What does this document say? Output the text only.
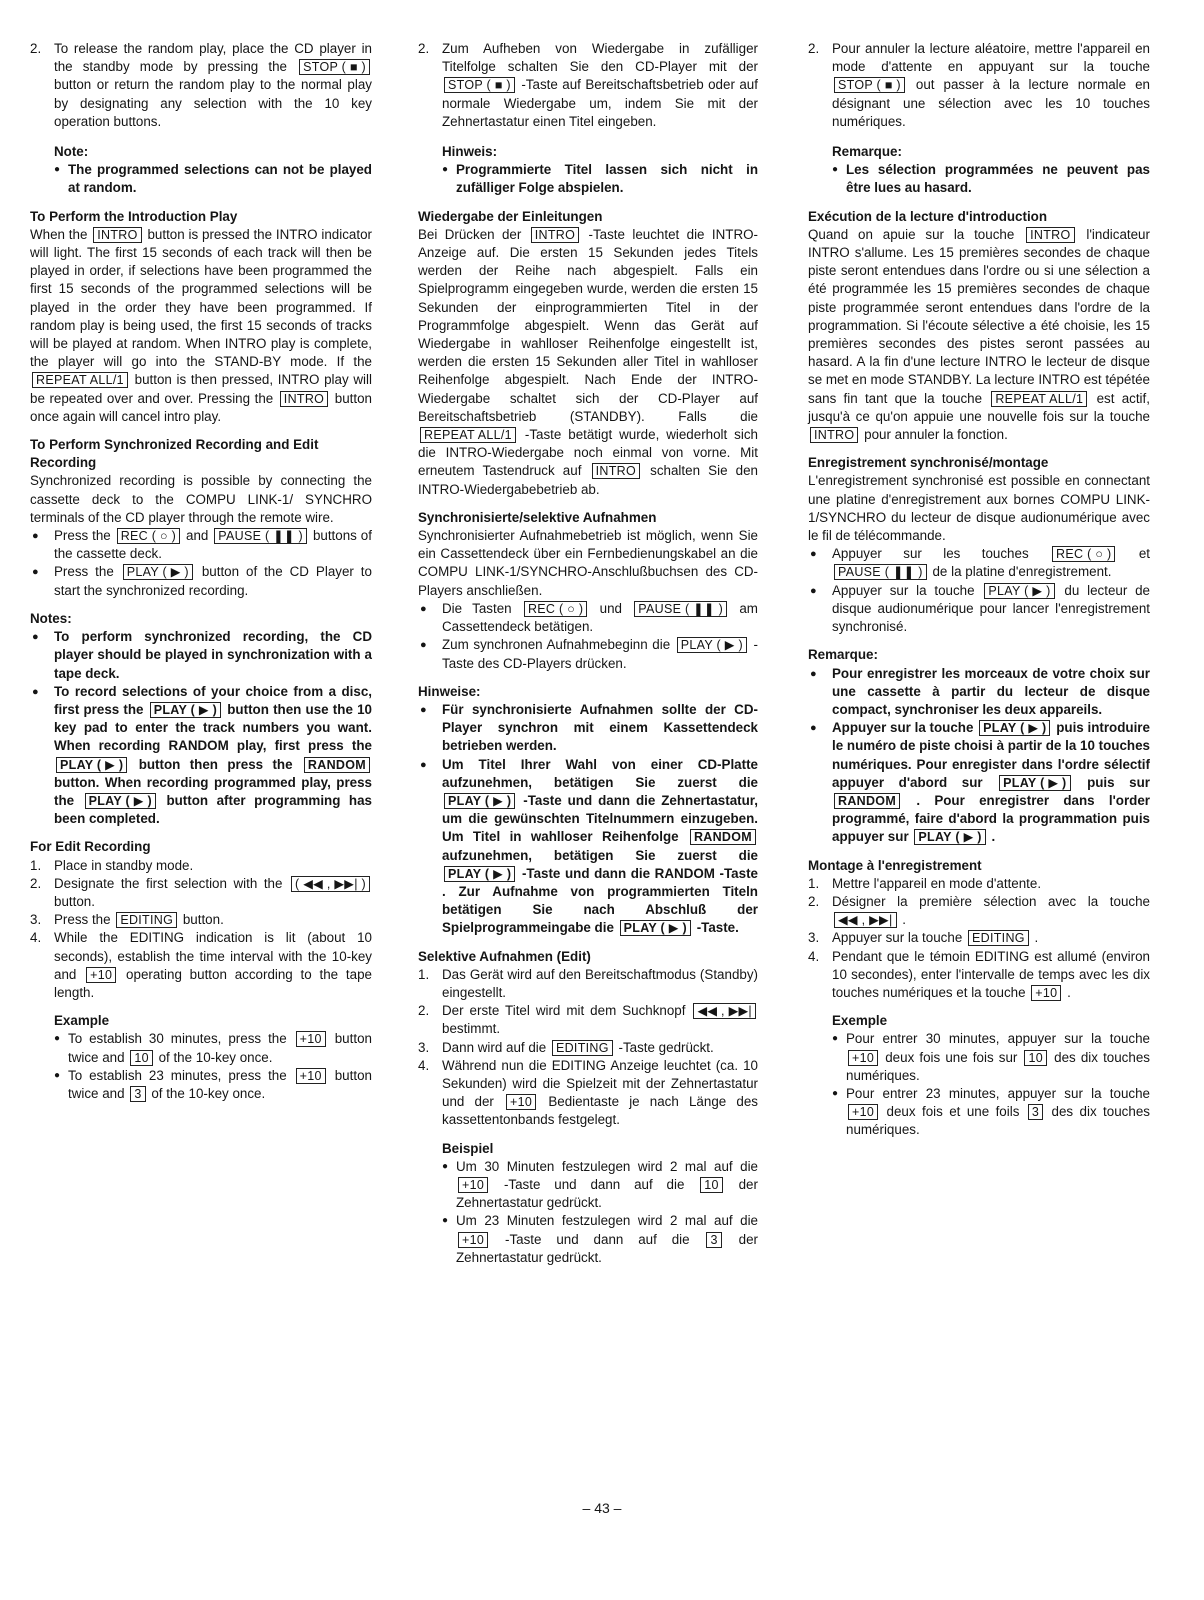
2. To release the random play, place the CD player in the standby mode by pressing the STOP ( ■ ) button or return the random play to the normal play by designating any selection with the 10 key operation buttons.
Note:
● The programmed selections can not be played at random.
To Perform the Introduction Play

When the INTRO button is pressed the INTRO indicator will light. The first 15 seconds of each track will then be played in order, if selections have been programmed the first 15 seconds of the programmed selections will be played in the order they have been programmed. If random play is being used, the first 15 seconds of tracks will be played at random. When INTRO play is complete, the player will go into the STAND-BY mode. If the REPEAT ALL/1 button is then pressed, INTRO play will be repeated over and over. Pressing the INTRO button once again will cancel intro play.

To Perform Synchronized Recording and Edit Recording

Synchronized recording is possible by connecting the cassette deck to the COMPU LINK-1/ SYNCHRO terminals of the CD player through the remote wire.

● Press the REC ( ○ ) and PAUSE ( ❚❚ ) buttons of the cassette deck.
● Press the PLAY ( ▶ ) button of the CD Player to start the synchronized recording.
Notes:
● To perform synchronized recording, the CD player should be played in synchronization with a tape deck.
● To record selections of your choice from a disc, first press the PLAY ( ▶ ) button then use the 10 key pad to enter the track numbers you want. When recording RANDOM play, first press the PLAY ( ▶ ) button then press the RANDOM button. When recording programmed play, press the PLAY ( ▶ ) button after programming has been completed.
For Edit Recording
1. Place in standby mode.
2. Designate the first selection with the ( ◀◀ , ▶▶| ) button.
3. Press the EDITING button.
4. While the EDITING indication is lit (about 10 seconds), establish the time interval with the 10-key and +10 operating button according to the tape length.
Example
● To establish 30 minutes, press the +10 button twice and 10 of the 10-key once.
● To establish 23 minutes, press the +10 button twice and 3 of the 10-key once.
2. Zum Aufheben von Wiedergabe in zufälliger Titelfolge schalten Sie den CD-Player mit der STOP ( ■ ) -Taste auf Bereitschaftsbetrieb oder auf normale Wiedergabe um, indem Sie mit der Zehnertastatur einen Titel eingeben.
Hinweis:
● Programmierte Titel lassen sich nicht in zufälliger Folge abspielen.
Wiedergabe der Einleitungen

Bei Drücken der INTRO -Taste leuchtet die INTRO-Anzeige auf. Die ersten 15 Sekunden jedes Titels werden der Reihe nach abgespielt. Falls ein Spielprogramm eingegeben wurde, werden die ersten 15 Sekunden der einprogrammierten Titel in der Programmfolge abgespielt. Wenn das Gerät auf Wiedergabe in wahlloser Reihenfolge eingestellt ist, werden die ersten 15 Sekunden aller Titel in wahlloser Reihenfolge abgespielt. Nach Ende der INTRO-Wiedergabe schaltet sich der CD-Player auf Bereitschaftsbetrieb (STANDBY). Falls die REPEAT ALL/1 -Taste betätigt wurde, wiederholt sich die INTRO-Wiedergabe noch einmal von vorne. Mit erneutem Tastendruck auf INTRO schalten Sie den INTRO-Wiedergabebetrieb ab.

Synchronisierte/selektive Aufnahmen

Synchronisierter Aufnahmebetrieb ist möglich, wenn Sie ein Cassettendeck über ein Fernbedienungskabel an die COMPU LINK-1/SYNCHRO-Anschlußbuchsen des CD-Players anschließen.

● Die Tasten REC ( ○ ) und PAUSE ( ❚❚ ) am Cassettendeck betätigen.
● Zum synchronen Aufnahmebeginn die PLAY ( ▶ ) -Taste des CD-Players drücken.
Hinweise:
● Für synchronisierte Aufnahmen sollte der CD-Player synchron mit einem Kassettendeck betrieben werden.
● Um Titel Ihrer Wahl von einer CD-Platte aufzunehmen, betätigen Sie zuerst die PLAY ( ▶ ) -Taste und dann die Zehnertastatur, um die gewünschten Titelnummern einzugeben. Um Titel in wahlloser Reihenfolge RANDOM aufzunehmen, betätigen Sie zuerst die PLAY ( ▶ ) -Taste und dann die RANDOM -Taste . Zur Aufnahme von programmierten Titeln betätigen Sie nach Abschluß der Spielprogrammeingabe die PLAY ( ▶ ) -Taste.
Selektive Aufnahmen (Edit)
1. Das Gerät wird auf den Bereitschaftmodus (Standby) eingestellt.
2. Der erste Titel wird mit dem Suchknopf ◀◀ , ▶▶| bestimmt.
3. Dann wird auf die EDITING -Taste gedrückt.
4. Während nun die EDITING Anzeige leuchtet (ca. 10 Sekunden) wird die Spielzeit mit der Zehnertastatur und der +10 Bedientaste je nach Länge des kassettentonbands festgelegt.
Beispiel
● Um 30 Minuten festzulegen wird 2 mal auf die +10 -Taste und dann auf die 10 der Zehnertastatur gedrückt.
● Um 23 Minuten festzulegen wird 2 mal auf die +10 -Taste und dann auf die 3 der Zehnertastatur gedrückt.
2. Pour annuler la lecture aléatoire, mettre l'appareil en mode d'attente en appuyant sur la touche STOP ( ■ ) out passer à la lecture normale en désignant une sélection avec les 10 touches numériques.
Remarque:
● Les sélection programmées ne peuvent pas être lues au hasard.
Exécution de la lecture d'introduction

Quand on apuie sur la touche INTRO l'indicateur INTRO s'allume. Les 15 premières secondes de chaque piste seront entendues dans l'ordre ou si une sélection a été programmée les 15 premières secondes de chaque piste programmée seront entendues dans l'ordre de la programmation. Si l'écoute sélective a été choisie, les 15 premières secondes des pistes seront passées au hasard. A la fin d'une lecture INTRO le lecteur de disque se met en mode STANDBY. La lecture INTRO est tépétée sans fin tant que la touche REPEAT ALL/1 est actif, jusqu'à ce qu'on appuie une nouvelle fois sur la touche INTRO pour annuler la fonction.

Enregistrement synchronisé/montage

L'enregistrement synchronisé est possible en connectant une platine d'enregistrement aux bornes COMPU LINK-1/SYNCHRO du lecteur de disque audionumérique avec le fil de télécommande.

● Appuyer sur les touches REC ( ○ ) et PAUSE ( ❚❚ ) de la platine d'enregistrement.
● Appuyer sur la touche PLAY ( ▶ ) du lecteur de disque audionumérique pour lancer l'enregistrement synchronisé.
Remarque:
● Pour enregistrer les morceaux de votre choix sur une cassette à partir du lecteur de disque compact, synchroniser les deux appareils.
● Appuyer sur la touche PLAY ( ▶ ) puis introduire le numéro de piste choisi à partir de la 10 touches numériques. Pour enregister dans l'ordre sélectif appuyer d'abord sur PLAY ( ▶ ) puis sur RANDOM . Pour enregistrer dans l'order programmé, faire d'abord la programmation puis appuyer sur PLAY ( ▶ ) .
Montage à l'enregistrement
1. Mettre l'appareil en mode d'attente.
2. Désigner la première sélection avec la touche ◀◀ , ▶▶| .
3. Appuyer sur la touche EDITING .
4. Pendant que le témoin EDITING est allumé (environ 10 secondes), enter l'intervalle de temps avec les dix touches numériques et la touche +10 .
Exemple
● Pour entrer 30 minutes, appuyer sur la touche +10 deux fois une fois sur 10 des dix touches numériques.
● Pour entrer 23 minutes, appuyer sur la touche +10 deux fois et une foils 3 des dix touches numériques.
– 43 –
